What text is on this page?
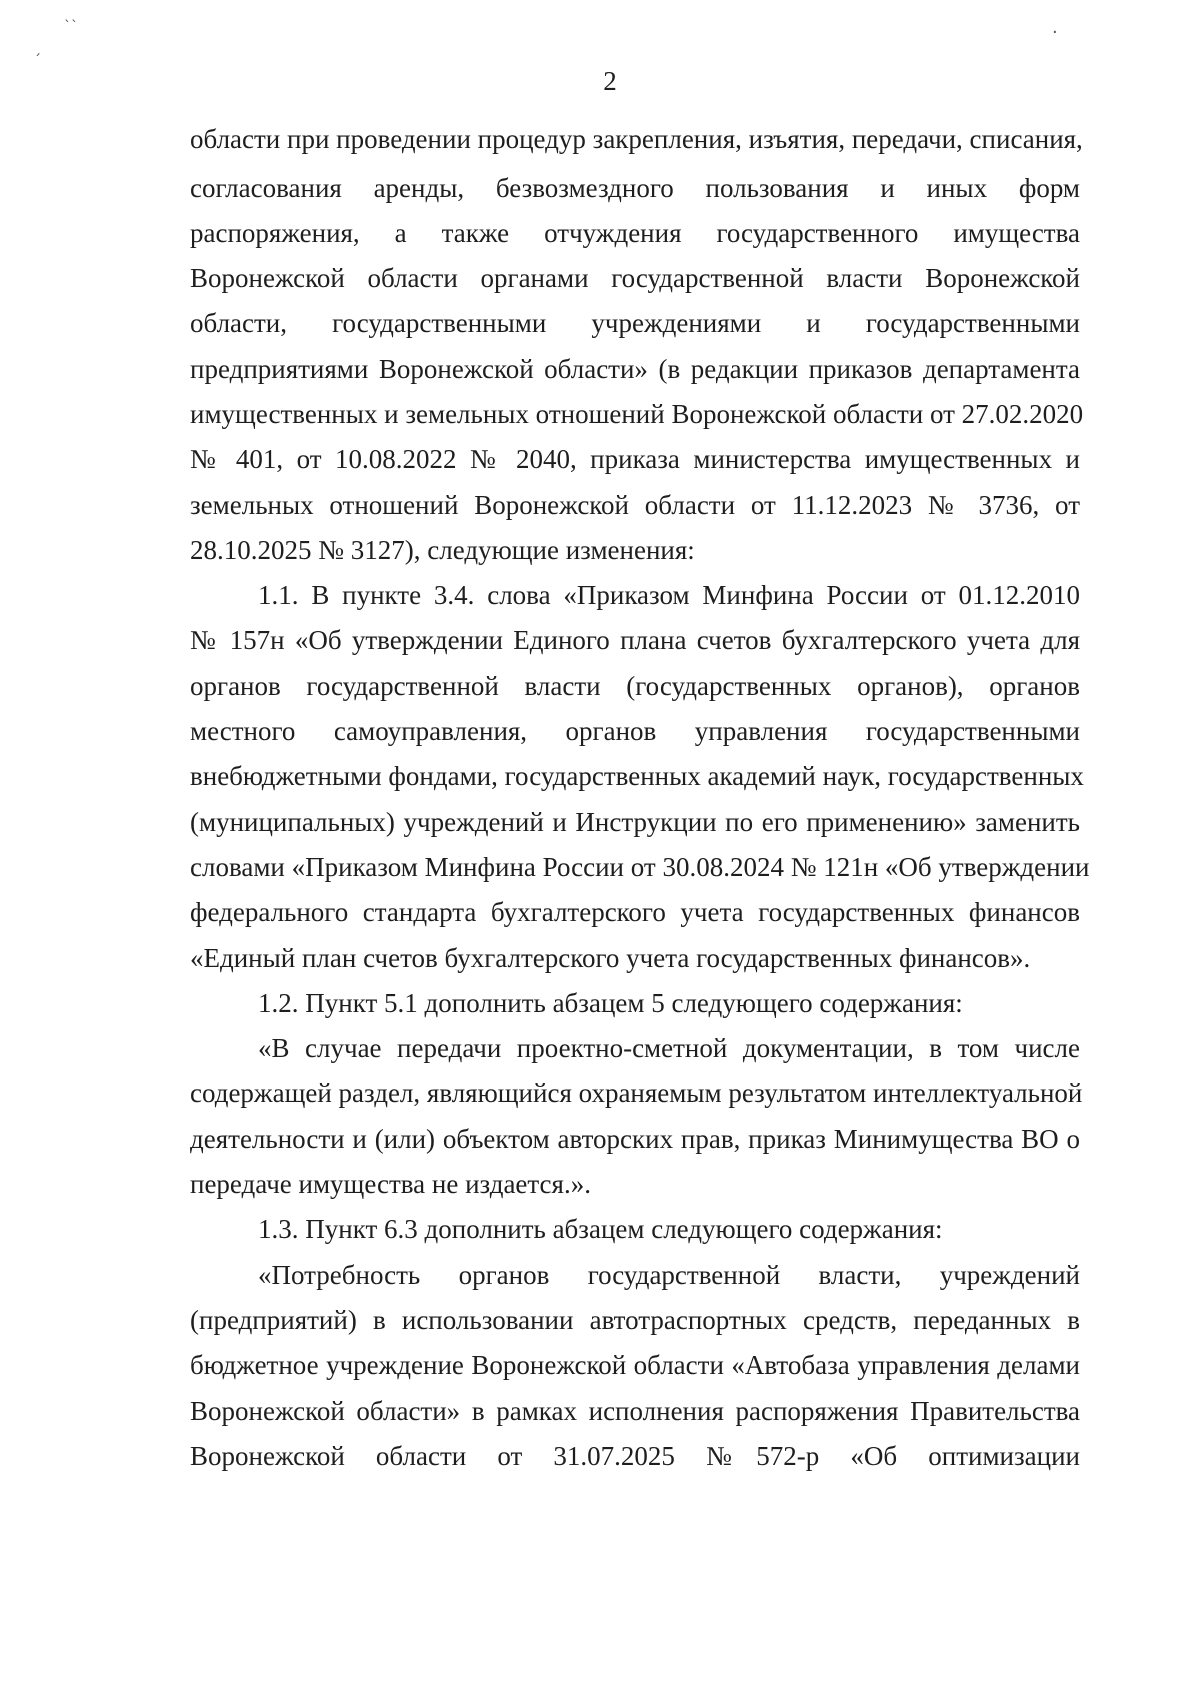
`ˋ
ˊ
·
2
области при проведении процедур закрепления, изъятия, передачи, списания,
согласования аренды, безвозмездного пользования и иных форм
распоряжения, а также отчуждения государственного имущества
Воронежской области органами государственной власти Воронежской
области, государственными учреждениями и государственными
предприятиями Воронежской области» (в редакции приказов департамента
имущественных и земельных отношений Воронежской области от 27.02.2020
№ 401, от 10.08.2022 № 2040, приказа министерства имущественных и
земельных отношений Воронежской области от 11.12.2023 № 3736, от
28.10.2025 № 3127), следующие изменения:
1.1. В пункте 3.4. слова «Приказом Минфина России от 01.12.2010
№ 157н «Об утверждении Единого плана счетов бухгалтерского учета для
органов государственной власти (государственных органов), органов
местного самоуправления, органов управления государственными
внебюджетными фондами, государственных академий наук, государственных
(муниципальных) учреждений и Инструкции по его применению» заменить
словами «Приказом Минфина России от 30.08.2024 № 121н «Об утверждении
федерального стандарта бухгалтерского учета государственных финансов
«Единый план счетов бухгалтерского учета государственных финансов».
1.2. Пункт 5.1 дополнить абзацем 5 следующего содержания:
«В случае передачи проектно-сметной документации, в том числе
содержащей раздел, являющийся охраняемым результатом интеллектуальной
деятельности и (или) объектом авторских прав, приказ Минимущества ВО о
передаче имущества не издается.».
1.3. Пункт 6.3 дополнить абзацем следующего содержания:
«Потребность органов государственной власти, учреждений
(предприятий) в использовании автотраспортных средств, переданных в
бюджетное учреждение Воронежской области «Автобаза управления делами
Воронежской области» в рамках исполнения распоряжения Правительства
Воронежской области от 31.07.2025 №572-р «Об оптимизации
